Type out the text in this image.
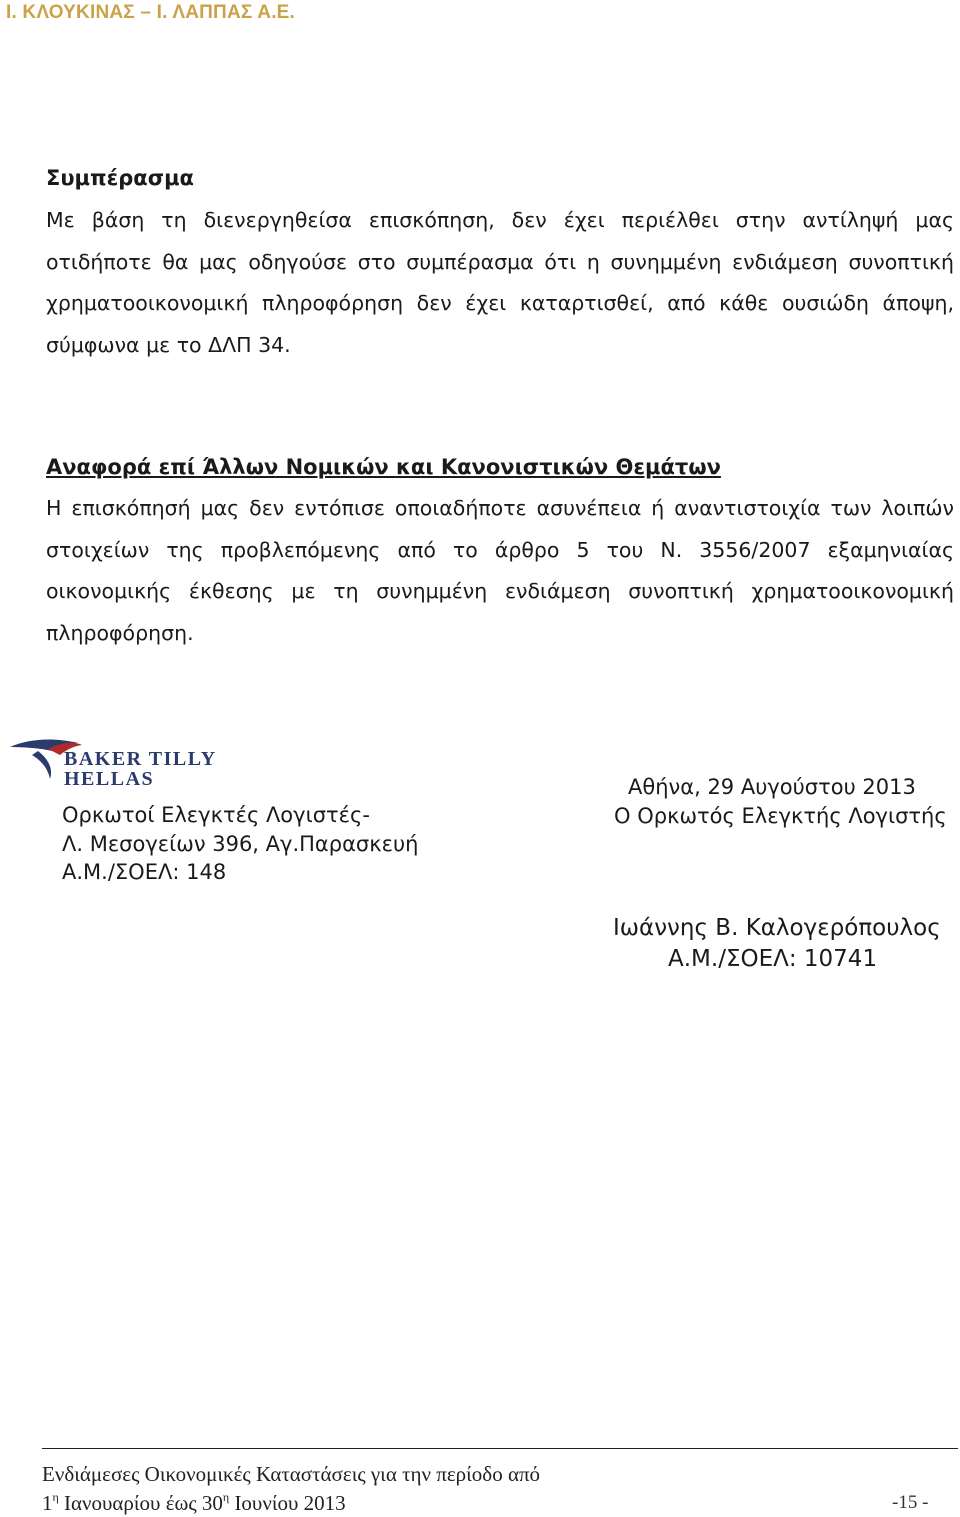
Ι. ΚΛΟΥΚΙΝΑΣ – Ι. ΛΑΠΠΑΣ Α.Ε.
Συμπέρασμα

Με βάση τη διενεργηθείσα επισκόπηση, δεν έχει περιέλθει στην αντίληψή μας οτιδήποτε θα μας οδηγούσε στο συμπέρασμα ότι η συνημμένη ενδιάμεση συνοπτική χρηματοοικονομική πληροφόρηση δεν έχει καταρτισθεί, από κάθε ουσιώδη άποψη, σύμφωνα με το ΔΛΠ 34.

Αναφορά επί Άλλων Νομικών και Κανονιστικών Θεμάτων

Η επισκόπησή μας δεν εντόπισε οποιαδήποτε ασυνέπεια ή αναντιστοιχία των λοιπών στοιχείων της προβλεπόμενης από το άρθρο 5 του Ν. 3556/2007 εξαμηνιαίας οικονομικής έκθεσης με τη συνημμένη ενδιάμεση συνοπτική χρηματοοικονομική πληροφόρηση.

BAKER TILLY
HELLAS
Ορκωτοί Ελεγκτές Λογιστές-
Λ. Μεσογείων 396, Αγ.Παρασκευή
Α.Μ./ΣΟΕΛ: 148
Αθήνα, 29 Αυγούστου 2013
Ο Ορκωτός Ελεγκτής Λογιστής
Ιωάννης Β. Καλογερόπουλος
Α.Μ./ΣΟΕΛ: 10741
Ενδιάμεσες Οικονομικές Καταστάσεις για την περίοδο από
$1^\eta$ Ιανουαρίου έως $30^\eta$ Ιουνίου 2013	-15 -
